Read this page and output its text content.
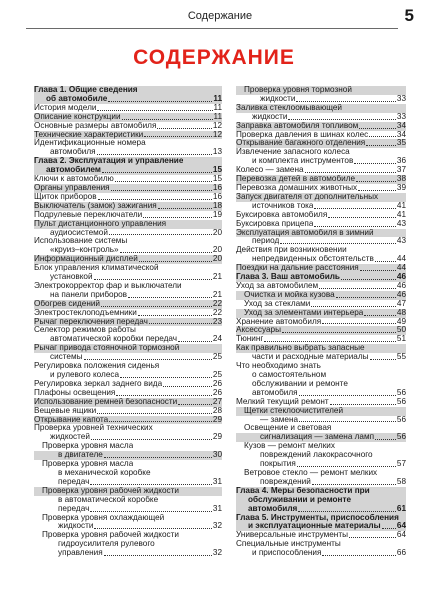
Содержание	5
СОДЕРЖАНИЕ
Глава 1. Общие сведения
об автомобиле	11
История модели	11
Описание конструкции	11
Основные размеры автомобиля	12
Технические характеристики	12
Идентификационные номера
автомобиля	13
Глава 2. Эксплуатация и управление
автомобилем	15
Ключи к автомобилю	15
Органы управления	16
Щиток приборов	16
Выключатель (замок) зажигания	18
Подрулевые переключатели	19
Пульт дистанционного управления
аудиосистемой	20
Использование системы
«круиз–контроль»	20
Информационный дисплей	20
Блок управления климатической
установкой	21
Электрокорректор фар и выключатели
на панели приборов	21
Обогрев сидений	22
Электростеклоподъемники	22
Рычаг переключения передач	23
Селектор режимов работы
автоматической коробки передач	24
Рычаг привода стояночной тормозной
системы	25
Регулировка положения сиденья
и рулевого колеса	25
Регулировка зеркал заднего вида	26
Плафоны освещения	26
Использование ремней безопасности	27
Вещевые ящики	28
Открывание капота	29
Проверка уровней технических
жидкостей	29
Проверка уровня масла
в двигателе	30
Проверка уровня масла
в механической коробке
передач	31
Проверка уровня рабочей жидкости
в автоматической коробке
передач	31
Проверка уровня охлаждающей
жидкости	32
Проверка уровня рабочей жидкости
гидроусилителя рулевого
управления	32
Проверка уровня тормозной
жидкости	33
Заливка стеклоомывающей
жидкости	33
Заправка автомобиля топливом	34
Проверка давления в шинах колес	34
Открывание багажного отделения	35
Извлечение запасного колеса
и комплекта инструментов	36
Колесо — замена	37
Перевозка детей в автомобиле	38
Перевозка домашних животных	39
Запуск двигателя от дополнительных
источников тока	41
Буксировка автомобиля	41
Буксировка прицепа	43
Эксплуатация автомобиля в зимний
период	43
Действия при возникновении
непредвиденных обстоятельств	44
Поездки на дальние расстояния	44
Глава 3. Ваш автомобиль	46
Уход за автомобилем	46
Очистка и мойка кузова	46
Уход за стеклами	47
Уход за элементами интерьера	48
Хранение автомобиля	49
Аксессуары	50
Тюнинг	51
Как правильно выбрать запасные
части и расходные материалы	55
Что необходимо знать
о самостоятельном
обслуживании и ремонте
автомобиля	56
Мелкий текущий ремонт	56
Щетки стеклоочистителей
— замена	56
Освещение и световая
сигнализация — замена ламп	56
Кузов — ремонт мелких
повреждений лакокрасочного
покрытия	57
Ветровое стекло — ремонт мелких
повреждений	58
Глава 4. Меры безопасности при
обслуживании и ремонте
автомобиля	61
Глава 5. Инструменты, приспособления
и эксплуатационные материалы 64
Универсальные инструменты	64
Специальные инструменты
и приспособления	66
